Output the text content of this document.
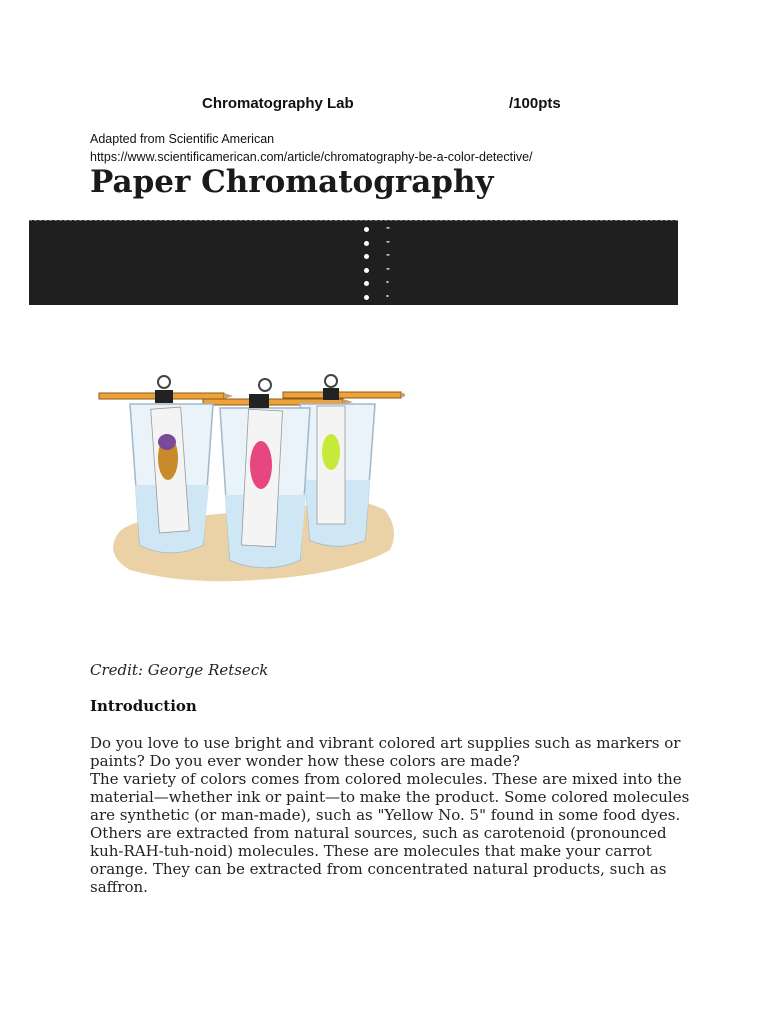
Chromatography Lab	/100pts
Adapted from Scientific American
https://www.scientificamerican.com/article/chromatography-be-a-color-detective/
Paper Chromatography
▬
▬
▬
▬
▪
▪
Credit: George Retseck
Introduction

Do you love to use bright and vibrant colored art supplies such as markers or paints? Do you ever wonder how these colors are made?

The variety of colors comes from colored molecules. These are mixed into the material—whether ink or paint—to make the product. Some colored molecules are synthetic (or man-made), such as "Yellow No. 5" found in some food dyes. Others are extracted from natural sources, such as carotenoid (pronounced kuh-RAH-tuh-noid) molecules. These are molecules that make your carrot orange. They can be extracted from concentrated natural products, such as saffron.
